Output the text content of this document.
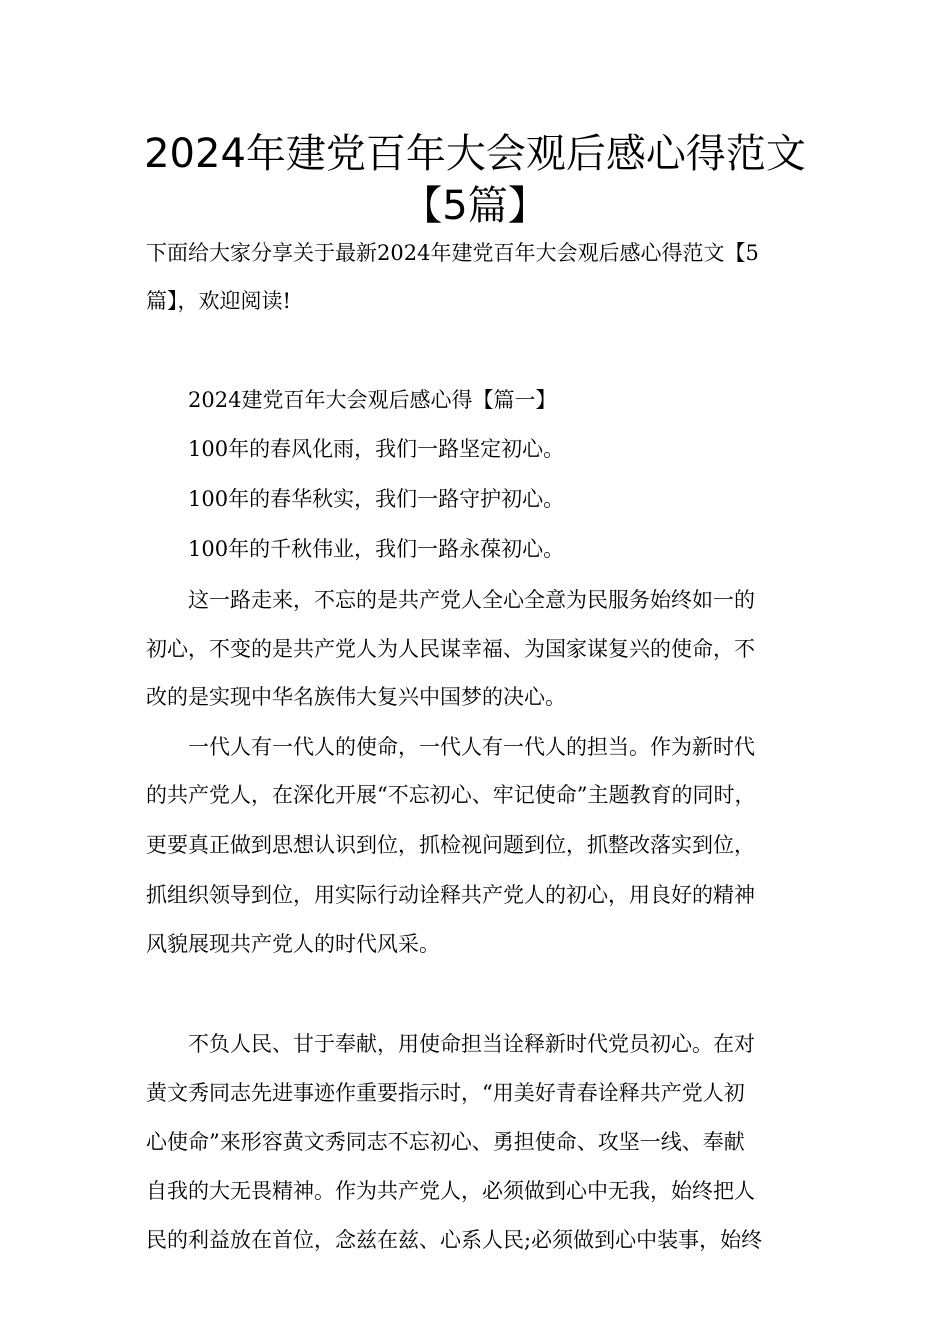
2024年建党百年大会观后感心得范文
【5篇】
下面给大家分享关于最新2024年建党百年大会观后感心得范文【5
篇】，欢迎阅读!
2024建党百年大会观后感心得【篇一】
100年的春风化雨，我们一路坚定初心。
100年的春华秋实，我们一路守护初心。
100年的千秋伟业，我们一路永葆初心。
这一路走来，不忘的是共产党人全心全意为民服务始终如一的
初心，不变的是共产党人为人民谋幸福、为国家谋复兴的使命，不
改的是实现中华名族伟大复兴中国梦的决心。
一代人有一代人的使命，一代人有一代人的担当。作为新时代
的共产党人，在深化开展“不忘初心、牢记使命”主题教育的同时，
更要真正做到思想认识到位，抓检视问题到位，抓整改落实到位，
抓组织领导到位，用实际行动诠释共产党人的初心，用良好的精神
风貌展现共产党人的时代风采。
不负人民、甘于奉献，用使命担当诠释新时代党员初心。在对
黄文秀同志先进事迹作重要指示时，“用美好青春诠释共产党人初
心使命”来形容黄文秀同志不忘初心、勇担使命、攻坚一线、奉献
自我的大无畏精神。作为共产党人，必须做到心中无我，始终把人
民的利益放在首位，念兹在兹、心系人民;必须做到心中装事，始终
